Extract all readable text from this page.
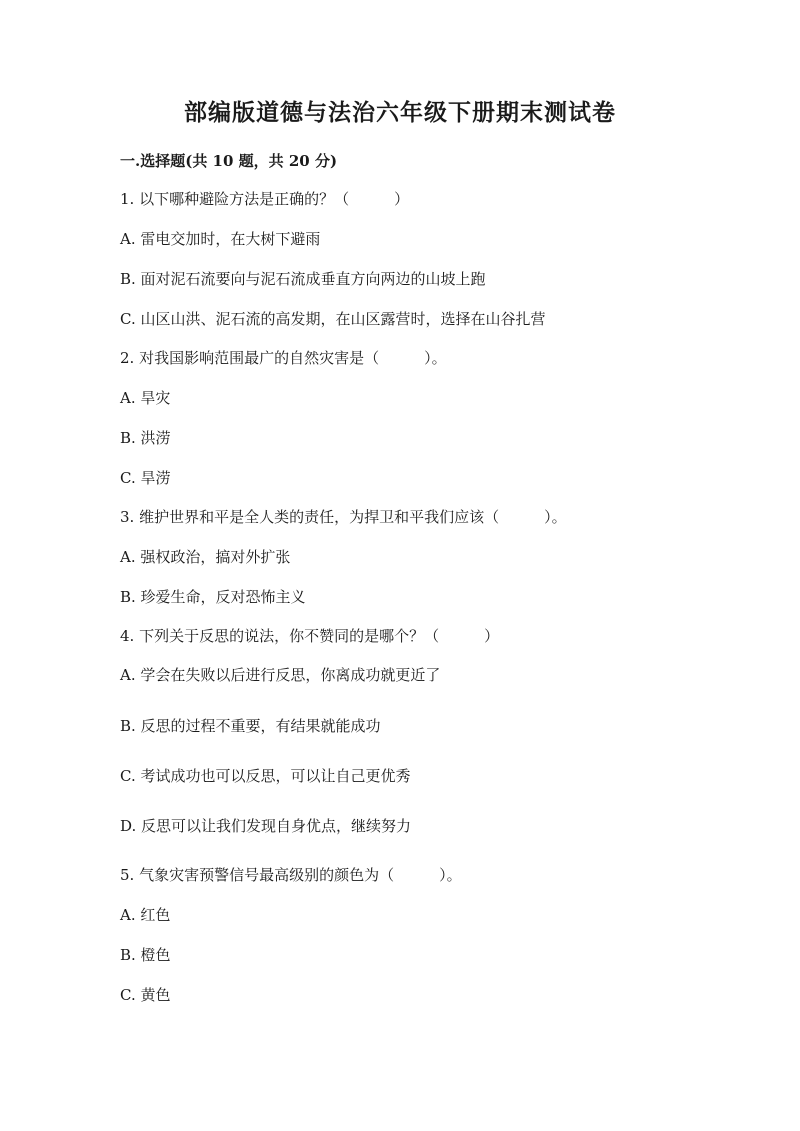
部编版道德与法治六年级下册期末测试卷
一.选择题(共 10 题，共 20 分)
1. 以下哪种避险方法是正确的？（　　　）
A. 雷电交加时，在大树下避雨
B. 面对泥石流要向与泥石流成垂直方向两边的山坡上跑
C. 山区山洪、泥石流的高发期，在山区露营时，选择在山谷扎营
2. 对我国影响范围最广的自然灾害是（　　　）。
A. 旱灾
B. 洪涝
C. 旱涝
3. 维护世界和平是全人类的责任，为捍卫和平我们应该（　　　）。
A. 强权政治，搞对外扩张
B. 珍爱生命，反对恐怖主义
4. 下列关于反思的说法，你不赞同的是哪个？（　　　）
A. 学会在失败以后进行反思，你离成功就更近了
B. 反思的过程不重要，有结果就能成功
C. 考试成功也可以反思，可以让自己更优秀
D. 反思可以让我们发现自身优点，继续努力
5. 气象灾害预警信号最高级别的颜色为（　　　）。
A. 红色
B. 橙色
C. 黄色
